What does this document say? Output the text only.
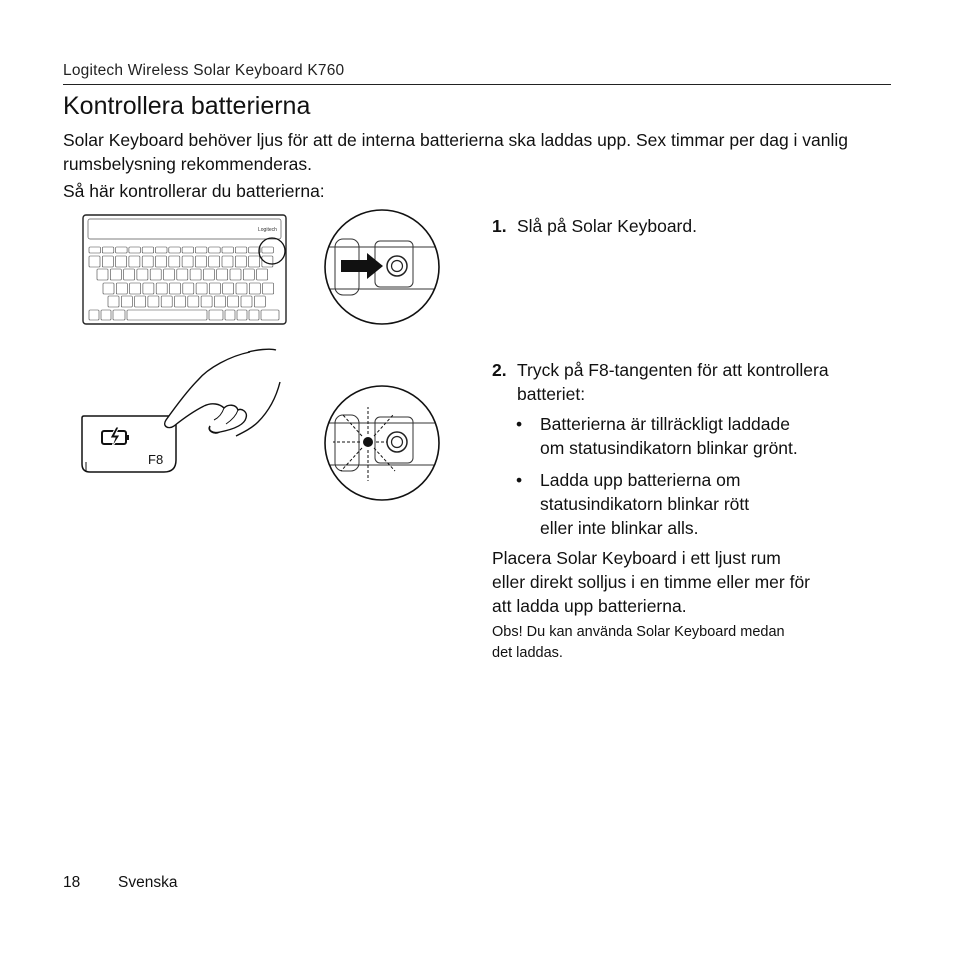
Logitech Wireless Solar Keyboard K760
Kontrollera batterierna
Solar Keyboard behöver ljus för att de interna batterierna ska laddas upp. Sex timmar per dag i vanlig rumsbelysning rekommenderas.
Så här kontrollerar du batterierna:
Logitech
F8
1. Slå på Solar Keyboard.
2. Tryck på F8-tangenten för att kontrollera
batteriet:
• Batterierna är tillräckligt laddade
om statusindikatorn blinkar grönt.
• Ladda upp batterierna om
statusindikatorn blinkar rött
eller inte blinkar alls.
Placera Solar Keyboard i ett ljust rum
eller direkt solljus i en timme eller mer för
att ladda upp batterierna.
Obs! Du kan använda Solar Keyboard medan
det laddas.
18 Svenska
